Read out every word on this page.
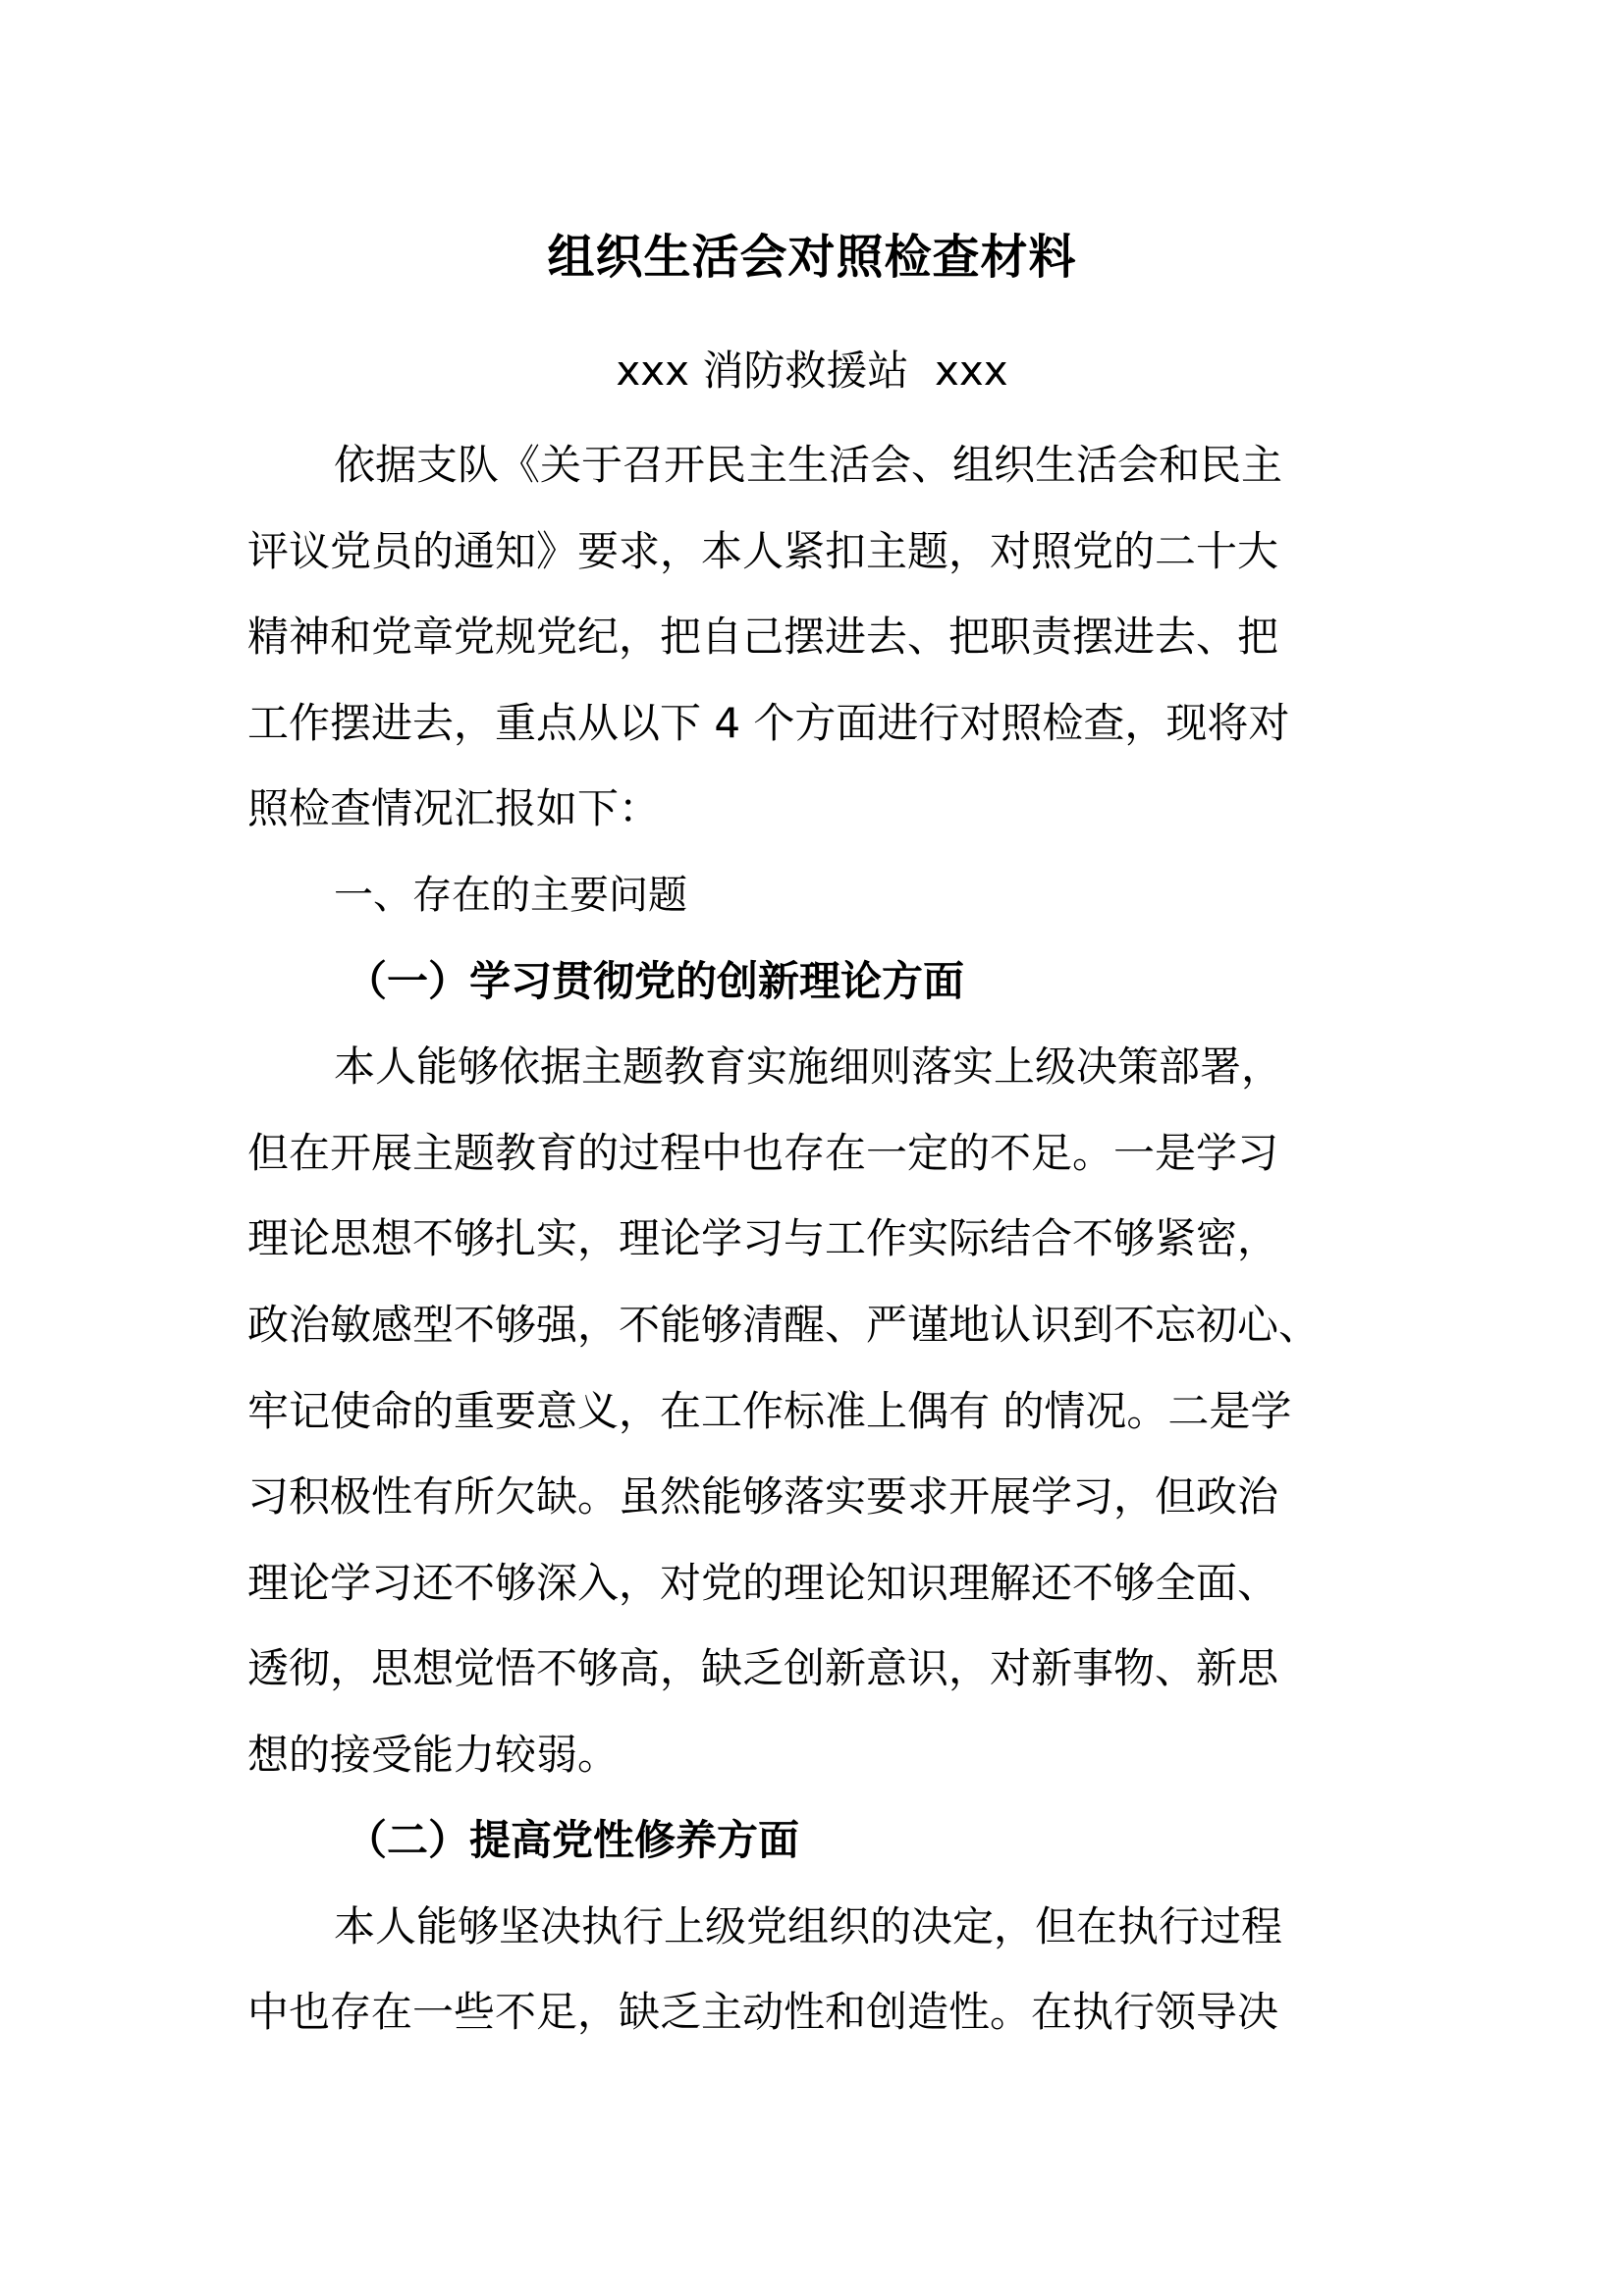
组织生活会对照检查材料
xxx 消防救援站  xxx
依据支队《关于召开民主生活会、组织生活会和民主
评议党员的通知》要求，本人紧扣主题，对照党的二十大
精神和党章党规党纪，把自己摆进去、把职责摆进去、把
工作摆进去，重点从以下 4 个方面进行对照检查，现将对
照检查情况汇报如下：
一、存在的主要问题
（一）学习贯彻党的创新理论方面
本人能够依据主题教育实施细则落实上级决策部署，
但在开展主题教育的过程中也存在一定的不足。一是学习
理论思想不够扎实，理论学习与工作实际结合不够紧密，
政治敏感型不够强，不能够清醒、严谨地认识到不忘初心、
牢记使命的重要意义，在工作标准上偶有 的情况。二是学
习积极性有所欠缺。虽然能够落实要求开展学习，但政治
理论学习还不够深入，对党的理论知识理解还不够全面、
透彻，思想觉悟不够高，缺乏创新意识，对新事物、新思
想的接受能力较弱。
（二）提高党性修养方面
本人能够坚决执行上级党组织的决定，但在执行过程
中也存在一些不足，缺乏主动性和创造性。在执行领导决
